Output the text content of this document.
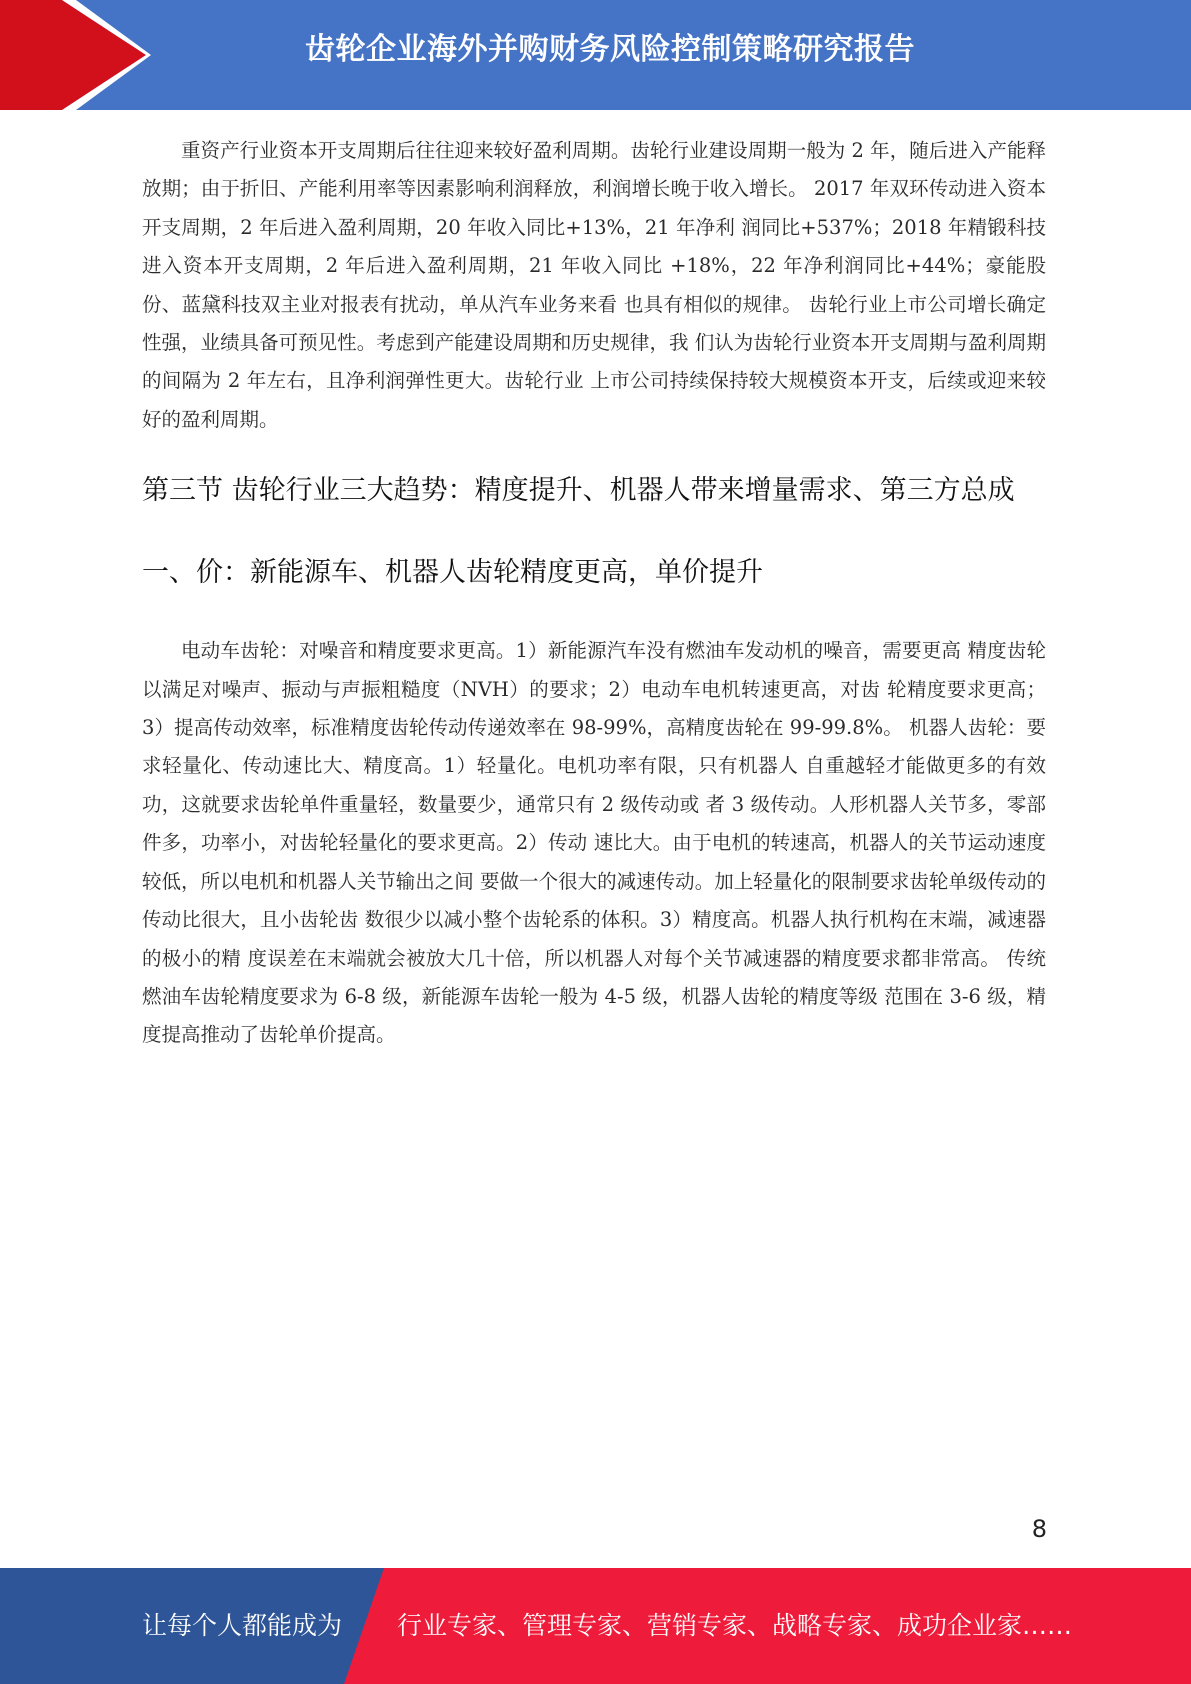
齿轮企业海外并购财务风险控制策略研究报告

重资产行业资本开支周期后往往迎来较好盈利周期。齿轮行业建设周期一般为 2 年，随后进入产能释放期；由于折旧、产能利用率等因素影响利润释放，利润增长晚于收入增长。 2017 年双环传动进入资本开支周期，2 年后进入盈利周期，20 年收入同比+13%，21 年净利 润同比+537%；2018 年精锻科技进入资本开支周期，2 年后进入盈利周期，21 年收入同比 +18%，22 年净利润同比+44%；豪能股份、蓝黛科技双主业对报表有扰动，单从汽车业务来看 也具有相似的规律。 齿轮行业上市公司增长确定性强，业绩具备可预见性。考虑到产能建设周期和历史规律，我 们认为齿轮行业资本开支周期与盈利周期的间隔为 2 年左右，且净利润弹性更大。齿轮行业 上市公司持续保持较大规模资本开支，后续或迎来较好的盈利周期。

第三节 齿轮行业三大趋势：精度提升、机器人带来增量需求、第三方总成
一、价：新能源车、机器人齿轮精度更高，单价提升

电动车齿轮：对噪音和精度要求更高。1）新能源汽车没有燃油车发动机的噪音，需要更高 精度齿轮以满足对噪声、振动与声振粗糙度（NVH）的要求；2）电动车电机转速更高，对齿 轮精度要求更高；3）提高传动效率，标准精度齿轮传动传递效率在 98-99%，高精度齿轮在 99-99.8%。 机器人齿轮：要求轻量化、传动速比大、精度高。1）轻量化。电机功率有限，只有机器人 自重越轻才能做更多的有效功，这就要求齿轮单件重量轻，数量要少，通常只有 2 级传动或 者 3 级传动。人形机器人关节多，零部件多，功率小，对齿轮轻量化的要求更高。2）传动 速比大。由于电机的转速高，机器人的关节运动速度较低，所以电机和机器人关节输出之间 要做一个很大的减速传动。加上轻量化的限制要求齿轮单级传动的传动比很大，且小齿轮齿 数很少以减小整个齿轮系的体积。3）精度高。机器人执行机构在末端，减速器的极小的精 度误差在末端就会被放大几十倍，所以机器人对每个关节减速器的精度要求都非常高。 传统燃油车齿轮精度要求为 6-8 级，新能源车齿轮一般为 4-5 级，机器人齿轮的精度等级 范围在 3-6 级，精度提高推动了齿轮单价提高。

8
让每个人都能成为 行业专家、管理专家、营销专家、战略专家、成功企业家……
